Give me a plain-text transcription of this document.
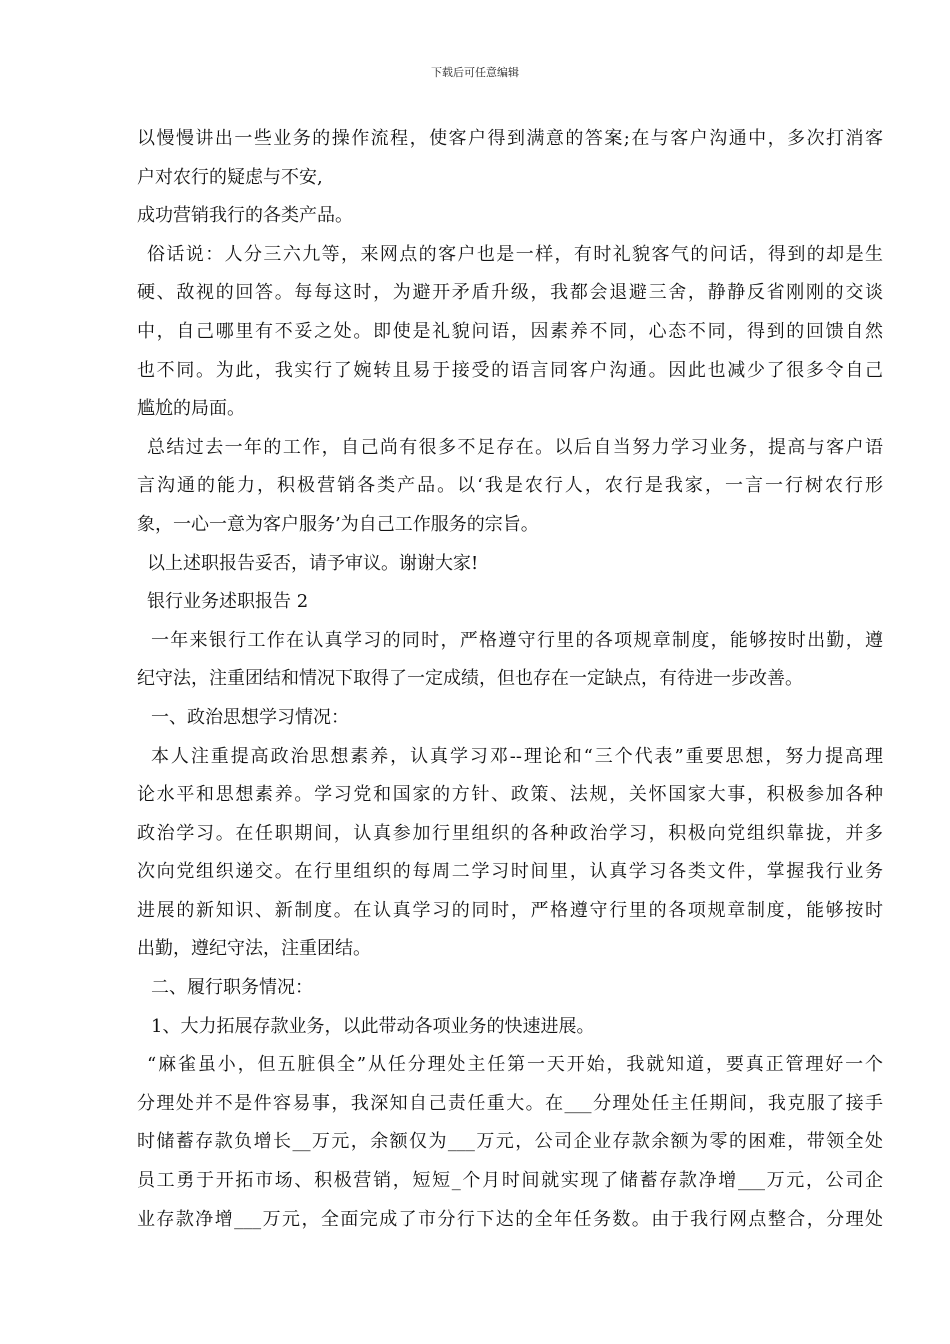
下载后可任意编辑
以慢慢讲出一些业务的操作流程，使客户得到满意的答案;在与客户沟通中，多次打消客
户对农行的疑虑与不安,
成功营销我行的各类产品。
俗话说：人分三六九等，来网点的客户也是一样，有时礼貌客气的问话，得到的却是生
硬、敌视的回答。每每这时，为避开矛盾升级，我都会退避三舍，静静反省刚刚的交谈
中，自己哪里有不妥之处。即使是礼貌问语，因素养不同，心态不同，得到的回馈自然
也不同。为此，我实行了婉转且易于接受的语言同客户沟通。因此也减少了很多令自己
尴尬的局面。
总结过去一年的工作，自己尚有很多不足存在。以后自当努力学习业务，提高与客户语
言沟通的能力，积极营销各类产品。以‘我是农行人，农行是我家，一言一行树农行形
象，一心一意为客户服务’为自己工作服务的宗旨。
以上述职报告妥否，请予审议。谢谢大家!
银行业务述职报告 2
一年来银行工作在认真学习的同时，严格遵守行里的各项规章制度，能够按时出勤，遵
纪守法，注重团结和情况下取得了一定成绩，但也存在一定缺点，有待进一步改善。
一、政治思想学习情况：
本人注重提高政治思想素养，认真学习邓--理论和“三个代表”重要思想，努力提高理
论水平和思想素养。学习党和国家的方针、政策、法规，关怀国家大事，积极参加各种
政治学习。在任职期间，认真参加行里组织的各种政治学习，积极向党组织靠拢，并多
次向党组织递交。在行里组织的每周二学习时间里，认真学习各类文件，掌握我行业务
进展的新知识、新制度。在认真学习的同时，严格遵守行里的各项规章制度，能够按时
出勤，遵纪守法，注重团结。
二、履行职务情况：
1、大力拓展存款业务，以此带动各项业务的快速进展。
“麻雀虽小，但五脏俱全”从任分理处主任第一天开始，我就知道，要真正管理好一个
分理处并不是件容易事，我深知自己责任重大。在___分理处任主任期间，我克服了接手
时储蓄存款负增长__万元，余额仅为___万元，公司企业存款余额为零的困难，带领全处
员工勇于开拓市场、积极营销，短短_个月时间就实现了储蓄存款净增___万元，公司企
业存款净增___万元，全面完成了市分行下达的全年任务数。由于我行网点整合，分理处
